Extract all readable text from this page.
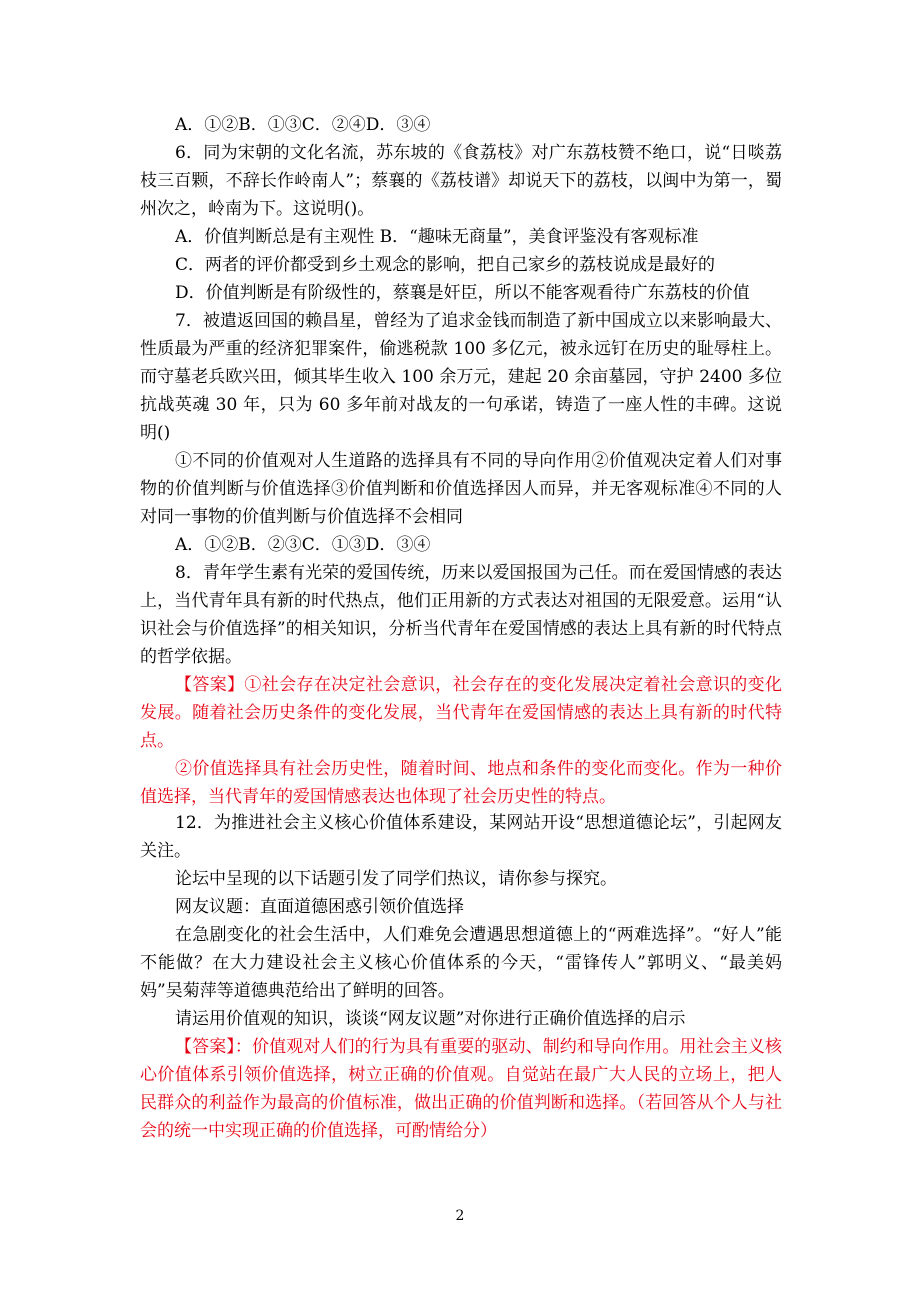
A．①②B．①③C．②④D．③④

6．同为宋朝的文化名流，苏东坡的《食荔枝》对广东荔枝赞不绝口，说“日啖荔枝三百颗，不辞长作岭南人”；蔡襄的《荔枝谱》却说天下的荔枝，以闽中为第一，蜀州次之，岭南为下。这说明()。

A．价值判断总是有主观性 B．“趣味无商量”，美食评鉴没有客观标准

C．两者的评价都受到乡土观念的影响，把自己家乡的荔枝说成是最好的

D．价值判断是有阶级性的，蔡襄是奸臣，所以不能客观看待广东荔枝的价值

7．被遣返回国的赖昌星，曾经为了追求金钱而制造了新中国成立以来影响最大、性质最为严重的经济犯罪案件，偷逃税款 100 多亿元，被永远钉在历史的耻辱柱上。而守墓老兵欧兴田，倾其毕生收入 100 余万元，建起 20 余亩墓园，守护 2400 多位抗战英魂 30 年，只为 60 多年前对战友的一句承诺，铸造了一座人性的丰碑。这说明()

①不同的价值观对人生道路的选择具有不同的导向作用②价值观决定着人们对事物的价值判断与价值选择③价值判断和价值选择因人而异，并无客观标准④不同的人对同一事物的价值判断与价值选择不会相同

A．①②B．②③C．①③D．③④

8．青年学生素有光荣的爱国传统，历来以爱国报国为己任。而在爱国情感的表达上，当代青年具有新的时代热点，他们正用新的方式表达对祖国的无限爱意。运用“认识社会与价值选择”的相关知识，分析当代青年在爱国情感的表达上具有新的时代特点的哲学依据。

【答案】①社会存在决定社会意识，社会存在的变化发展决定着社会意识的变化发展。随着社会历史条件的变化发展，当代青年在爱国情感的表达上具有新的时代特点。

②价值选择具有社会历史性，随着时间、地点和条件的变化而变化。作为一种价值选择，当代青年的爱国情感表达也体现了社会历史性的特点。

12．为推进社会主义核心价值体系建设，某网站开设“思想道德论坛”，引起网友关注。

论坛中呈现的以下话题引发了同学们热议，请你参与探究。

网友议题：直面道德困惑引领价值选择

在急剧变化的社会生活中，人们难免会遭遇思想道德上的“两难选择”。“好人”能不能做？在大力建设社会主义核心价值体系的今天，“雷锋传人”郭明义、“最美妈妈”吴菊萍等道德典范给出了鲜明的回答。

请运用价值观的知识，谈谈“网友议题”对你进行正确价值选择的启示

【答案】：价值观对人们的行为具有重要的驱动、制约和导向作用。用社会主义核心价值体系引领价值选择，树立正确的价值观。自觉站在最广大人民的立场上，把人民群众的利益作为最高的价值标准，做出正确的价值判断和选择。（若回答从个人与社会的统一中实现正确的价值选择，可酌情给分）

2
